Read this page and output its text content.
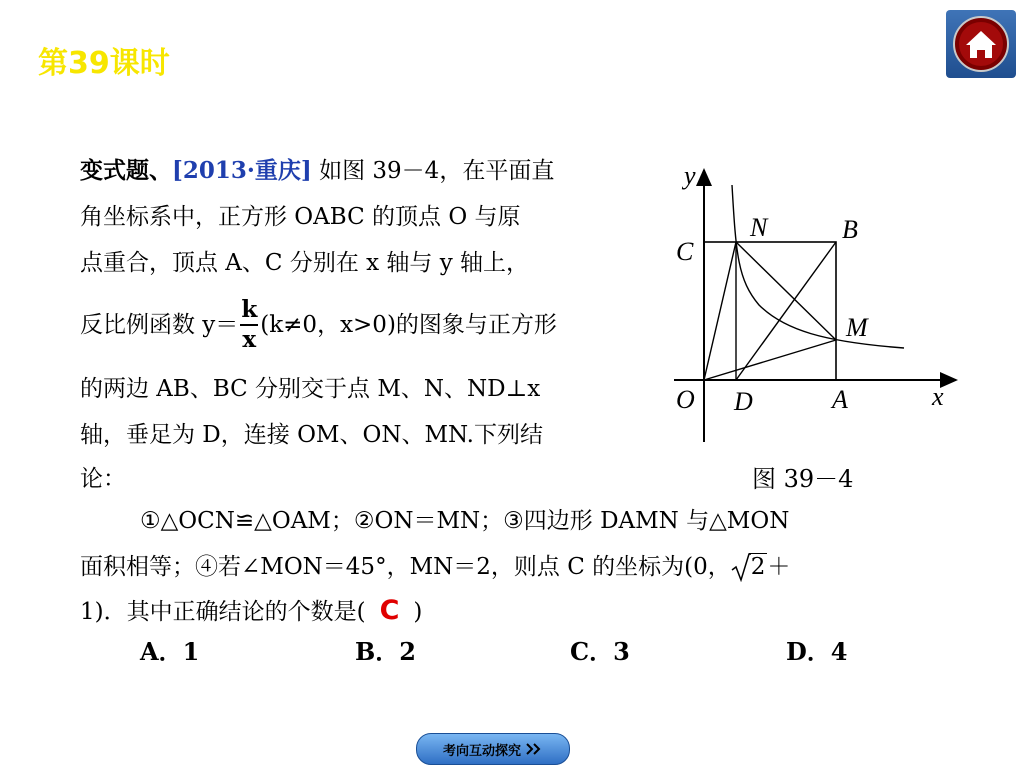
第39课时
变式题、[2013·重庆] 如图 39－4，在平面直
角坐标系中，正方形 OABC 的顶点 O 与原
点重合，顶点 A、C 分别在 x 轴与 y 轴上，
反比例函数 $y= \frac{k}{x} (k\ne 0$，x>0)的图象与正方形
的两边 AB、BC 分别交于点 M、N、ND⊥x
轴，垂足为 D，连接 OM、ON、MN.下列结
论：	图 39－4
①△OCN≌△OAM；②ON＝MN；③四边形 DAMN 与△MON
面积相等；④若∠MON＝45°，MN＝2，则点 C 的坐标为(0， 2＋
1)．其中正确结论的个数是( C )
A．1	B．2	C．3	D．4
y
x
C
N	B
M
O D	A
考向互动探究
